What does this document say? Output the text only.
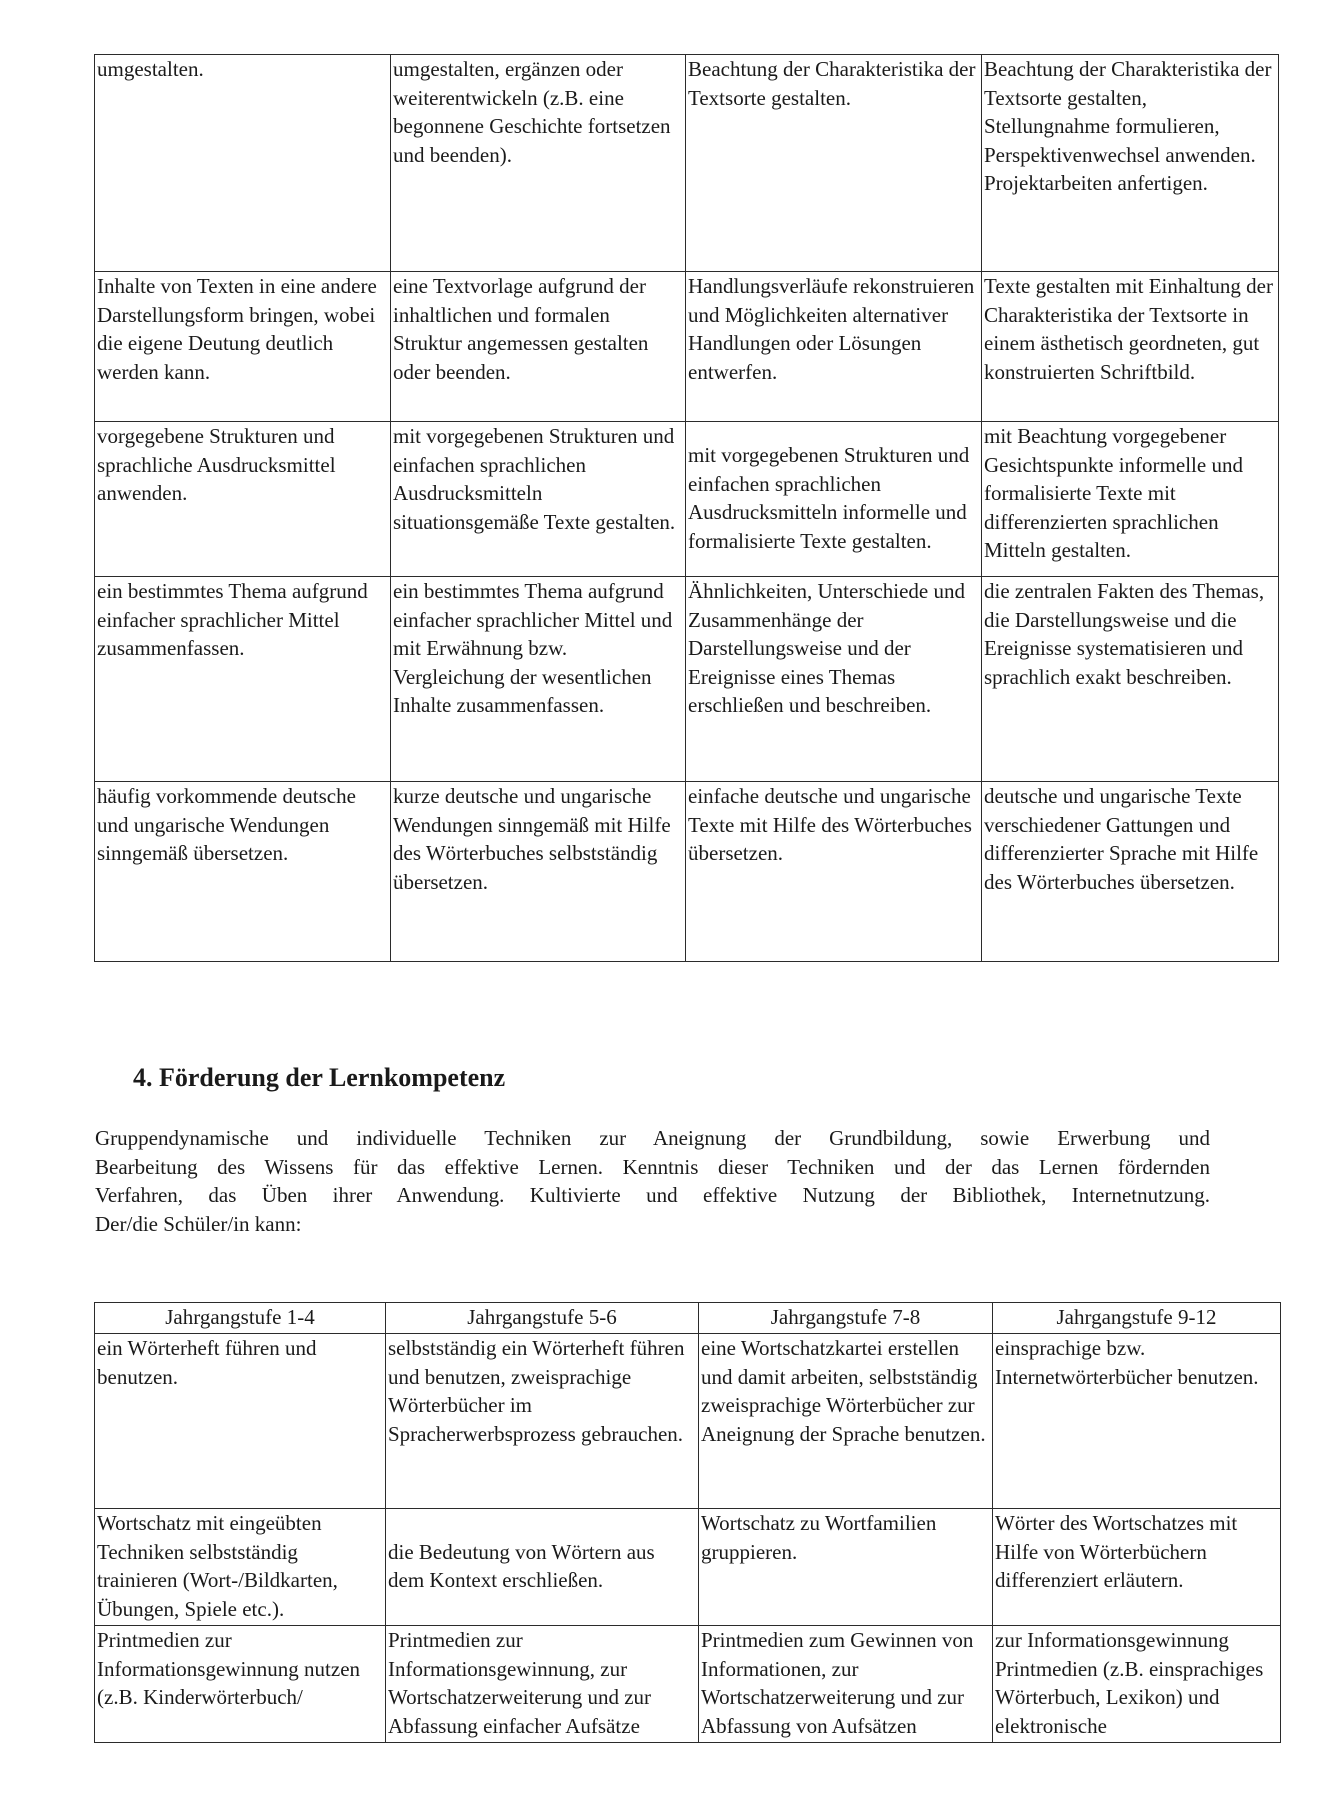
umgestalten.	umgestalten, ergänzen oder weiterentwickeln (z.B. eine begonnene Geschichte fortsetzen und beenden).	Beachtung der Charakteristika der Textsorte gestalten.	Beachtung der Charakteristika der Textsorte gestalten, Stellungnahme formulieren, Perspektivenwechsel anwenden. Projektarbeiten anfertigen.
Inhalte von Texten in eine andere Darstellungsform bringen, wobei die eigene Deutung deutlich werden kann.	eine Textvorlage aufgrund der inhaltlichen und formalen Struktur angemessen gestalten oder beenden.	Handlungsverläufe rekonstruieren und Möglichkeiten alternativer Handlungen oder Lösungen entwerfen.	Texte gestalten mit Einhaltung der Charakteristika der Textsorte in einem ästhetisch geordneten, gut konstruierten Schriftbild.
vorgegebene Strukturen und sprachliche Ausdrucksmittel anwenden.	mit vorgegebenen Strukturen und einfachen sprachlichen Ausdrucksmitteln situationsgemäße Texte gestalten.	mit vorgegebenen Strukturen und einfachen sprachlichen Ausdrucksmitteln informelle und formalisierte Texte gestalten.	mit Beachtung vorgegebener Gesichtspunkte informelle und formalisierte Texte mit differenzierten sprachlichen Mitteln gestalten.
ein bestimmtes Thema aufgrund einfacher sprachlicher Mittel zusammenfassen.	ein bestimmtes Thema aufgrund einfacher sprachlicher Mittel und mit Erwähnung bzw. Vergleichung der wesentlichen Inhalte zusammenfassen.	Ähnlichkeiten, Unterschiede und Zusammenhänge der Darstellungsweise und der Ereignisse eines Themas erschließen und beschreiben.	die zentralen Fakten des Themas, die Darstellungsweise und die Ereignisse systematisieren und sprachlich exakt beschreiben.
häufig vorkommende deutsche und ungarische Wendungen sinngemäß übersetzen.	kurze deutsche und ungarische Wendungen sinngemäß mit Hilfe des Wörterbuches selbstständig übersetzen.	einfache deutsche und ungarische Texte mit Hilfe des Wörterbuches übersetzen.	deutsche und ungarische Texte verschiedener Gattungen und differenzierter Sprache mit Hilfe des Wörterbuches übersetzen.
4. Förderung der Lernkompetenz
Gruppendynamische und individuelle Techniken zur Aneignung der Grundbildung, sowie Erwerbung und
Bearbeitung des Wissens für das effektive Lernen. Kenntnis dieser Techniken und der das Lernen fördernden
Verfahren, das Üben ihrer Anwendung. Kultivierte und effektive Nutzung der Bibliothek, Internetnutzung.
Der/die Schüler/in kann:
Jahrgangstufe 1-4	Jahrgangstufe 5-6	Jahrgangstufe 7-8	Jahrgangstufe 9-12
ein Wörterheft führen und benutzen.	selbstständig ein Wörterheft führen und benutzen, zweisprachige Wörterbücher im Spracherwerbsprozess gebrauchen.	eine Wortschatzkartei erstellen und damit arbeiten, selbstständig zweisprachige Wörterbücher zur Aneignung der Sprache benutzen.	einsprachige bzw. Internetwörterbücher benutzen.
Wortschatz mit eingeübten Techniken selbstständig trainieren (Wort-/Bildkarten, Übungen, Spiele etc.).	die Bedeutung von Wörtern aus dem Kontext erschließen.	Wortschatz zu Wortfamilien gruppieren.	Wörter des Wortschatzes mit Hilfe von Wörterbüchern differenziert erläutern.
Printmedien zur Informationsgewinnung nutzen (z.B. Kinderwörterbuch/	Printmedien zur Informationsgewinnung, zur Wortschatzerweiterung und zur Abfassung einfacher Aufsätze	Printmedien zum Gewinnen von Informationen, zur Wortschatzerweiterung und zur Abfassung von Aufsätzen	zur Informationsgewinnung Printmedien (z.B. einsprachiges Wörterbuch, Lexikon) und elektronische
